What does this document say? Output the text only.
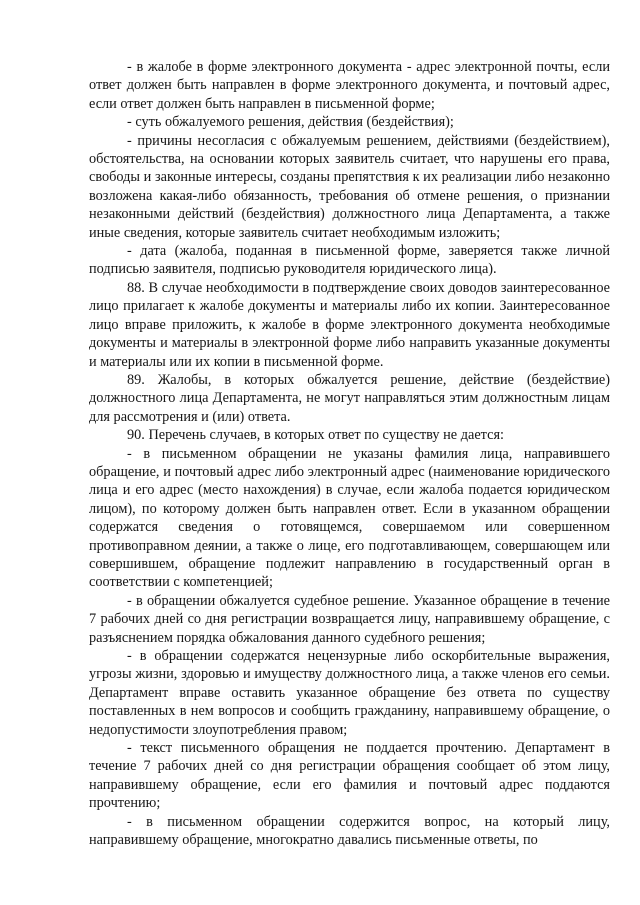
- в жалобе в форме электронного документа - адрес электронной почты, если ответ должен быть направлен в форме электронного документа, и почтовый адрес, если ответ должен быть направлен в письменной форме;

- суть обжалуемого решения, действия (бездействия);

- причины несогласия с обжалуемым решением, действиями (бездействием), обстоятельства, на основании которых заявитель считает, что нарушены его права, свободы и законные интересы, созданы препятствия к их реализации либо незаконно возложена какая-либо обязанность, требования об отмене решения, о признании незаконными действий (бездействия) должностного лица Департамента, а также иные сведения, которые заявитель считает необходимым изложить;

- дата (жалоба, поданная в письменной форме, заверяется также личной подписью заявителя, подписью руководителя юридического лица).

88. В случае необходимости в подтверждение своих доводов заинтересованное лицо прилагает к жалобе документы и материалы либо их копии. Заинтересованное лицо вправе приложить, к жалобе в форме электронного документа необходимые документы и материалы в электронной форме либо направить указанные документы и материалы или их копии в письменной форме.

89. Жалобы, в которых обжалуется решение, действие (бездействие) должностного лица Департамента, не могут направляться этим должностным лицам для рассмотрения и (или) ответа.

90. Перечень случаев, в которых ответ по существу не дается:

- в письменном обращении не указаны фамилия лица, направившего обращение, и почтовый адрес либо электронный адрес (наименование юридического лица и его адрес (место нахождения) в случае, если жалоба подается юридическом лицом), по которому должен быть направлен ответ. Если в указанном обращении содержатся сведения о готовящемся, совершаемом или совершенном противоправном деянии, а также о лице, его подготавливающем, совершающем или совершившем, обращение подлежит направлению в государственный орган в соответствии с компетенцией;

- в обращении обжалуется судебное решение. Указанное обращение в течение 7 рабочих дней со дня регистрации возвращается лицу, направившему обращение, с разъяснением порядка обжалования данного судебного решения;

- в обращении содержатся нецензурные либо оскорбительные выражения, угрозы жизни, здоровью и имуществу должностного лица, а также членов его семьи. Департамент вправе оставить указанное обращение без ответа по существу поставленных в нем вопросов и сообщить гражданину, направившему обращение, о недопустимости злоупотребления правом;

- текст письменного обращения не поддается прочтению. Департамент в течение 7 рабочих дней со дня регистрации обращения сообщает об этом лицу, направившему обращение, если его фамилия и почтовый адрес поддаются прочтению;

- в письменном обращении содержится вопрос, на который лицу, направившему обращение, многократно давались письменные ответы, по
